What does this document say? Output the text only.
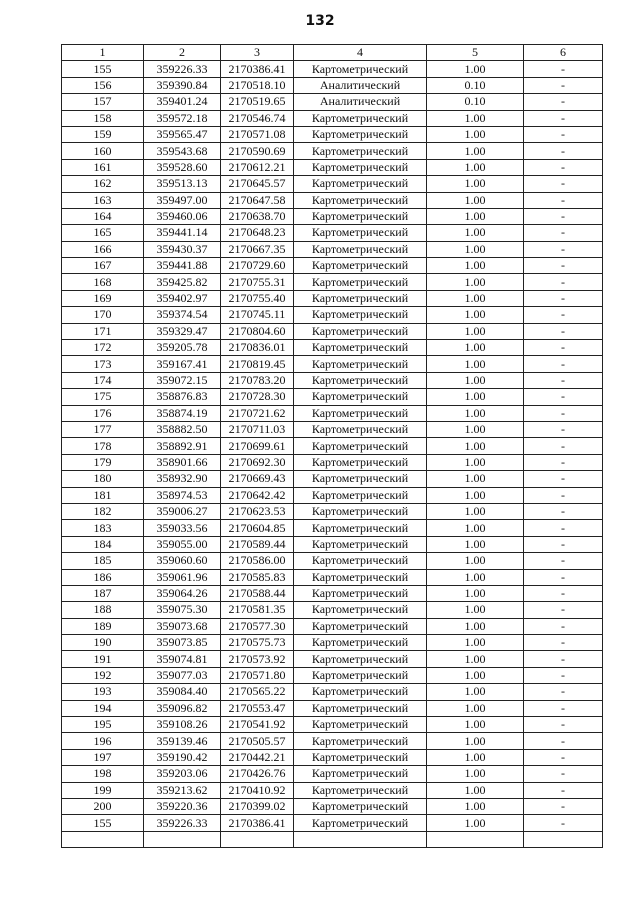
132
1	2	3	4	5	6
155	359226.33	2170386.41	Картометрический	1.00	-
156	359390.84	2170518.10	Аналитический	0.10	-
157	359401.24	2170519.65	Аналитический	0.10	-
158	359572.18	2170546.74	Картометрический	1.00	-
159	359565.47	2170571.08	Картометрический	1.00	-
160	359543.68	2170590.69	Картометрический	1.00	-
161	359528.60	2170612.21	Картометрический	1.00	-
162	359513.13	2170645.57	Картометрический	1.00	-
163	359497.00	2170647.58	Картометрический	1.00	-
164	359460.06	2170638.70	Картометрический	1.00	-
165	359441.14	2170648.23	Картометрический	1.00	-
166	359430.37	2170667.35	Картометрический	1.00	-
167	359441.88	2170729.60	Картометрический	1.00	-
168	359425.82	2170755.31	Картометрический	1.00	-
169	359402.97	2170755.40	Картометрический	1.00	-
170	359374.54	2170745.11	Картометрический	1.00	-
171	359329.47	2170804.60	Картометрический	1.00	-
172	359205.78	2170836.01	Картометрический	1.00	-
173	359167.41	2170819.45	Картометрический	1.00	-
174	359072.15	2170783.20	Картометрический	1.00	-
175	358876.83	2170728.30	Картометрический	1.00	-
176	358874.19	2170721.62	Картометрический	1.00	-
177	358882.50	2170711.03	Картометрический	1.00	-
178	358892.91	2170699.61	Картометрический	1.00	-
179	358901.66	2170692.30	Картометрический	1.00	-
180	358932.90	2170669.43	Картометрический	1.00	-
181	358974.53	2170642.42	Картометрический	1.00	-
182	359006.27	2170623.53	Картометрический	1.00	-
183	359033.56	2170604.85	Картометрический	1.00	-
184	359055.00	2170589.44	Картометрический	1.00	-
185	359060.60	2170586.00	Картометрический	1.00	-
186	359061.96	2170585.83	Картометрический	1.00	-
187	359064.26	2170588.44	Картометрический	1.00	-
188	359075.30	2170581.35	Картометрический	1.00	-
189	359073.68	2170577.30	Картометрический	1.00	-
190	359073.85	2170575.73	Картометрический	1.00	-
191	359074.81	2170573.92	Картометрический	1.00	-
192	359077.03	2170571.80	Картометрический	1.00	-
193	359084.40	2170565.22	Картометрический	1.00	-
194	359096.82	2170553.47	Картометрический	1.00	-
195	359108.26	2170541.92	Картометрический	1.00	-
196	359139.46	2170505.57	Картометрический	1.00	-
197	359190.42	2170442.21	Картометрический	1.00	-
198	359203.06	2170426.76	Картометрический	1.00	-
199	359213.62	2170410.92	Картометрический	1.00	-
200	359220.36	2170399.02	Картометрический	1.00	-
155	359226.33	2170386.41	Картометрический	1.00	-
